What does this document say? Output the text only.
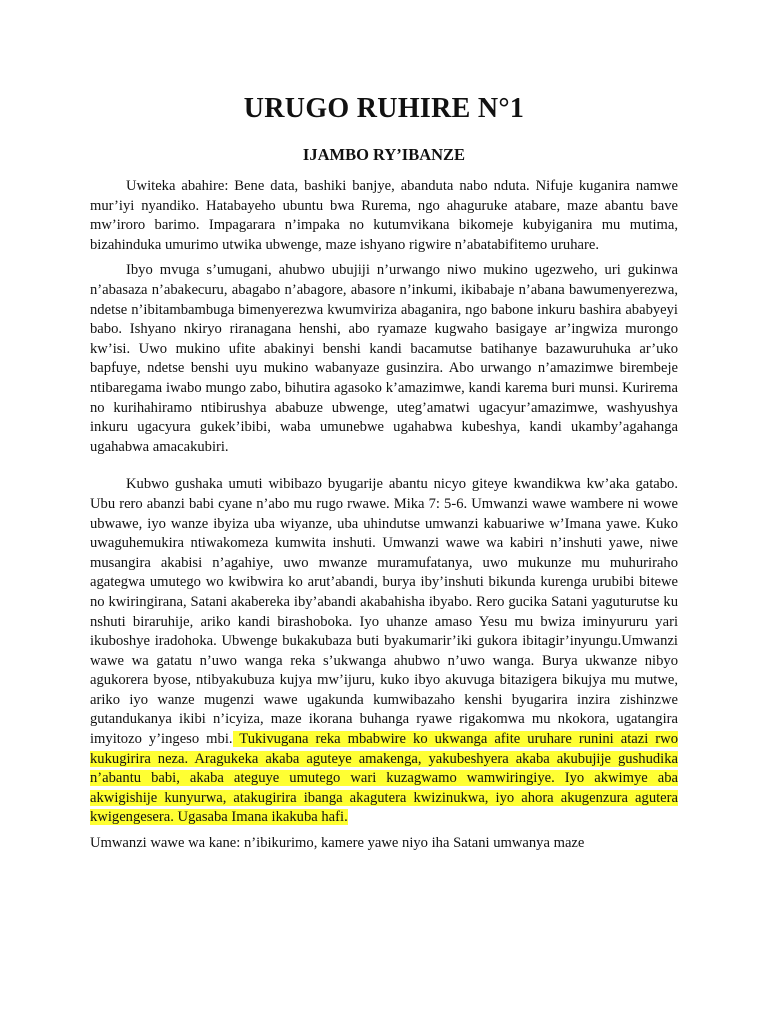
URUGO RUHIRE N°1
IJAMBO RY’IBANZE

Uwiteka abahire: Bene data, bashiki banjye, abanduta nabo nduta. Nifuje kuganira namwe mur’iyi nyandiko. Hatabayeho ubuntu bwa Rurema, ngo ahaguruke atabare, maze abantu bave mw’iroro barimo. Impagarara n’impaka no kutumvikana bikomeje kubyiganira mu mutima, bizahinduka umurimo utwika ubwenge, maze ishyano rigwire n’abatabifitemo uruhare.

Ibyo mvuga s’umugani, ahubwo ubujiji n’urwango niwo mukino ugezweho, uri gukinwa n’abasaza n’abakecuru, abagabo n’abagore, abasore n’inkumi, ikibabaje n’abana bawumenyerezwa, ndetse n’ibitambambuga bimenyerezwa kwumviriza abaganira, ngo babone inkuru bashira ababyeyi babo. Ishyano nkiryo riranagana henshi, abo ryamaze kugwaho basigaye ar’ingwiza murongo kw’isi. Uwo mukino ufite abakinyi benshi kandi bacamutse batihanye bazawuruhuka ar’uko bapfuye, ndetse benshi uyu mukino wabanyaze gusinzira. Abo urwango n’amazimwe birembeje ntibaregama iwabo mungo zabo, bihutira agasoko k’amazimwe, kandi karema buri munsi. Kurirema no kurihahiramo ntibirushya ababuze ubwenge, uteg’amatwi ugacyur’amazimwe, washyushya inkuru ugacyura gukek’ibibi, waba umunebwe ugahabwa kubeshya, kandi ukamby’agahanga ugahabwa amacakubiri.

Kubwo gushaka umuti wibibazo byugarije abantu nicyo giteye kwandikwa kw’aka gatabo. Ubu rero abanzi babi cyane n’abo mu rugo rwawe. Mika 7: 5-6. Umwanzi wawe wambere ni wowe ubwawe, iyo wanze ibyiza uba wiyanze, uba uhindutse umwanzi kabuariwe w’Imana yawe. Kuko uwaguhemukira ntiwakomeza kumwita inshuti. Umwanzi wawe wa kabiri n’inshuti yawe, niwe musangira akabisi n’agahiye, uwo mwanze muramufatanya, uwo mukunze mu muhuriraho agategwa umutego wo kwibwira ko arut’abandi, burya iby’inshuti bikunda kurenga urubibi bitewe no kwiringirana, Satani akabereka iby’abandi akabahisha ibyabo. Rero gucika Satani yaguturutse ku nshuti biraruhije, ariko kandi birashoboka. Iyo uhanze amaso Yesu mu bwiza iminyururu yari ikuboshye iradohoka. Ubwenge bukakubaza buti byakumarir’iki gukora ibitagir’inyungu.Umwanzi wawe wa gatatu n’uwo wanga reka s’ukwanga ahubwo n’uwo wanga. Burya ukwanze nibyo agukorera byose, ntibyakubuza kujya mw’ijuru, kuko ibyo akuvuga bitazigera bikujya mu mutwe, ariko iyo wanze mugenzi wawe ugakunda kumwibazaho kenshi byugarira inzira zishinzwe gutandukanya ikibi n’icyiza, maze ikorana buhanga ryawe rigakomwa mu nkokora, ugatangira imyitozo y’ingeso mbi. Tukivugana reka mbabwire ko ukwanga afite uruhare runini atazi rwo kukugirira neza. Aragukeka akaba aguteye amakenga, yakubeshyera akaba akubujije gushudika n’abantu babi, akaba ateguye umutego wari kuzagwamo wamwiringiye. Iyo akwimye aba akwigishije kunyurwa, atakugirira ibanga akagutera kwizinukwa, iyo ahora akugenzura agutera kwigengesera. Ugasaba Imana ikakuba hafi.

Umwanzi wawe wa kane: n’ibikurimo, kamere yawe niyo iha Satani umwanya maze
